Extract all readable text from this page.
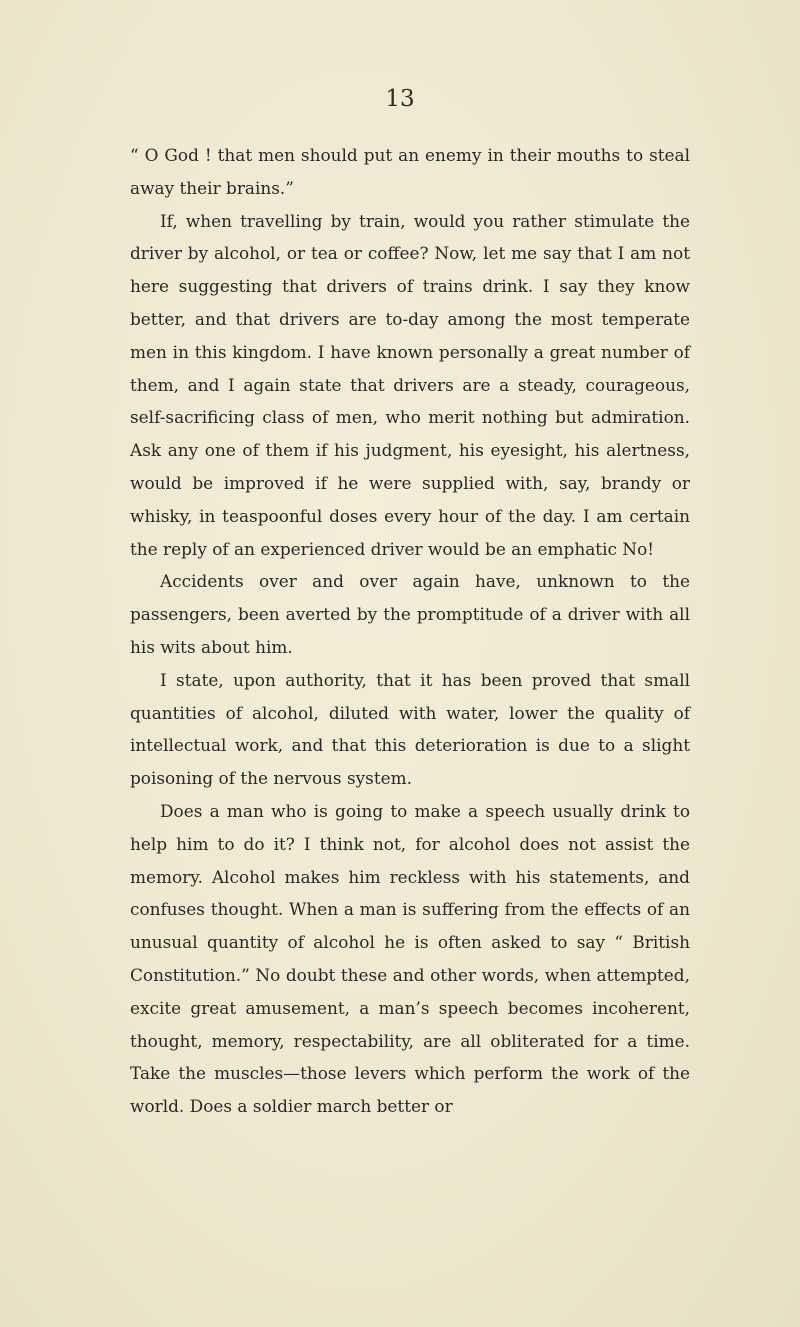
13

“ O God ! that men should put an enemy in their mouths to steal away their brains.”

If, when travelling by train, would you rather stimulate the driver by alcohol, or tea or coffee? Now, let me say that I am not here suggesting that drivers of trains drink. I say they know better, and that drivers are to-day among the most temperate men in this kingdom. I have known personally a great number of them, and I again state that drivers are a steady, courageous, self-sacrificing class of men, who merit nothing but admiration. Ask any one of them if his judgment, his eyesight, his alertness, would be improved if he were supplied with, say, brandy or whisky, in teaspoonful doses every hour of the day. I am certain the reply of an experienced driver would be an emphatic No!

Accidents over and over again have, unknown to the passengers, been averted by the promptitude of a driver with all his wits about him.

I state, upon authority, that it has been proved that small quantities of alcohol, diluted with water, lower the quality of intellectual work, and that this deterioration is due to a slight poisoning of the nervous system.

Does a man who is going to make a speech usually drink to help him to do it? I think not, for alcohol does not assist the memory. Alcohol makes him reckless with his statements, and confuses thought. When a man is suffering from the effects of an unusual quantity of alcohol he is often asked to say “ British Constitution.” No doubt these and other words, when attempted, excite great amusement, a man’s speech becomes incoherent, thought, memory, respectability, are all obliterated for a time. Take the muscles—those levers which perform the work of the world. Does a soldier march better or
